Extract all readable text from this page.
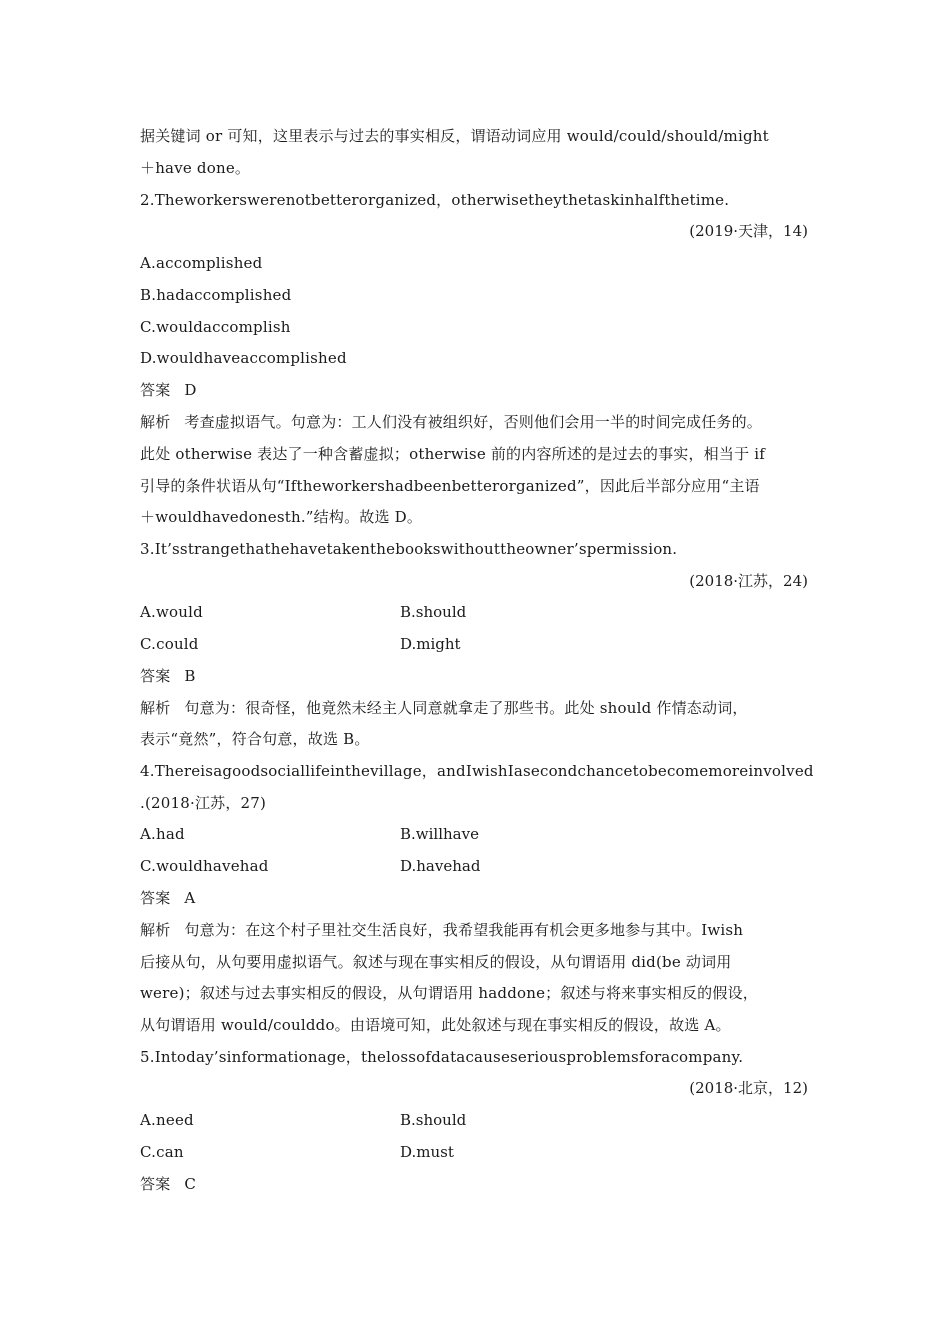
据关键词 or 可知，这里表示与过去的事实相反，谓语动词应用 would/could/should/might
＋have done。
2.Theworkerswerenotbetterorganized，otherwisetheythetaskinhalfthetime.
(2019·天津，14)
A.accomplished
B.hadaccomplished
C.wouldaccomplish
D.wouldhaveaccomplished
答案 D
解析 考查虚拟语气。句意为：工人们没有被组织好，否则他们会用一半的时间完成任务的。
此处 otherwise 表达了一种含蓄虚拟；otherwise 前的内容所述的是过去的事实，相当于 if
引导的条件状语从句“Iftheworkershadbeenbetterorganized”，因此后半部分应用“主语
＋wouldhavedonesth.”结构。故选 D。
3.It’sstrangethathehavetakenthebookswithouttheowner’spermission.
(2018·江苏，24)
A.would	B.should
C.could	D.might
答案 B
解析 句意为：很奇怪，他竟然未经主人同意就拿走了那些书。此处 should 作情态动词，
表示“竟然”，符合句意，故选 B。
4.Thereisagoodsociallifeinthevillage，andIwishIasecondchancetobecomemoreinvolved
.(2018·江苏，27)
A.had	B.willhave
C.wouldhavehad	D.havehad
答案 A
解析 句意为：在这个村子里社交生活良好，我希望我能再有机会更多地参与其中。Iwish
后接从句，从句要用虚拟语气。叙述与现在事实相反的假设，从句谓语用 did(be 动词用
were)；叙述与过去事实相反的假设，从句谓语用 haddone；叙述与将来事实相反的假设，
从句谓语用 would/coulddo。由语境可知，此处叙述与现在事实相反的假设，故选 A。
5.Intoday’sinformationage，thelossofdatacauseseriousproblemsforacompany.
(2018·北京，12)
A.need	B.should
C.can	D.must
答案 C
